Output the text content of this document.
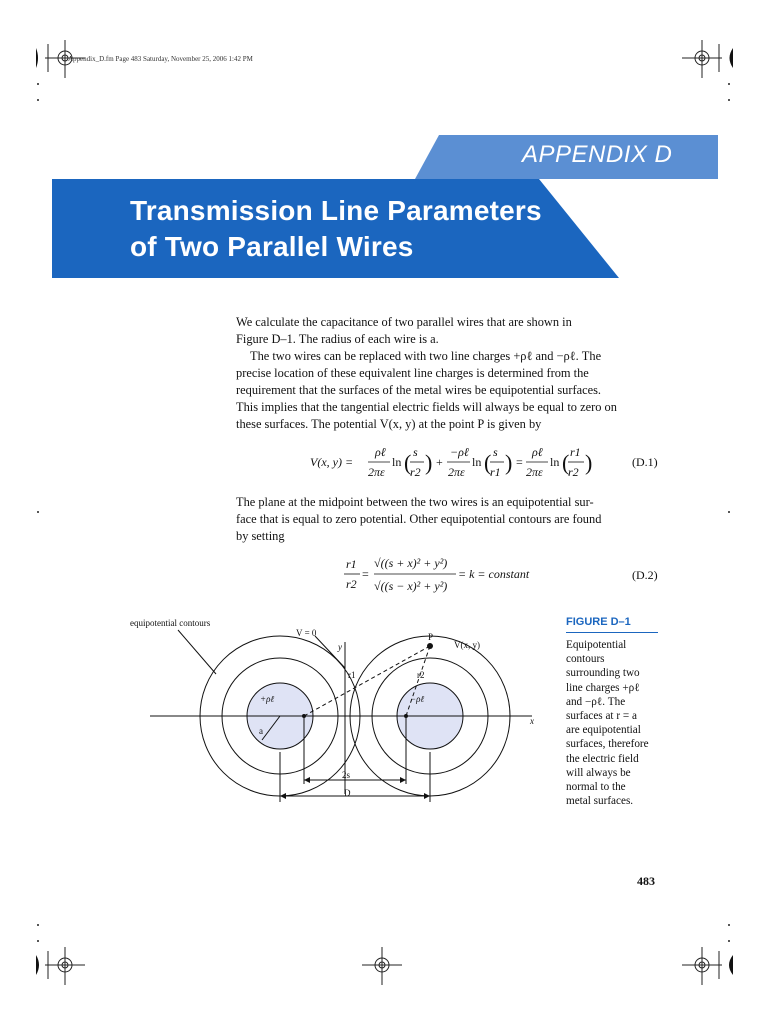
Appendix_D.fm Page 483 Saturday, November 25, 2006 1:42 PM
APPENDIX D
Transmission Line Parameters
of Two Parallel Wires
We calculate the capacitance of two parallel wires that are shown in
Figure D–1. The radius of each wire is a.
The two wires can be replaced with two line charges +ρℓ and −ρℓ. The
precise location of these equivalent line charges is determined from the
requirement that the surfaces of the metal wires be equipotential surfaces.
This implies that the tangential electric fields will always be equal to zero on
these surfaces. The potential V(x, y) at the point P is given by
V(x, y) =
ρℓ
2πε
ln ( s
r2 ) +
−ρℓ
2πε
ln ( s
r1 ) =
ρℓ
2πε
ln ( r1
r2 )	(D.1)
The plane at the midpoint between the two wires is an equipotential sur-
face that is equal to zero potential. Other equipotential contours are found
by setting
r1
r2
=
√((s + x)² + y²)
√((s − x)² + y²)
= k = constant	(D.2)
equipotential contours
V = 0
y
x
P
V(x, y)
r1	r2
+ρℓ	−ρℓ
a
2s
D
FIGURE D–1
Equipotential
contours
surrounding two
line charges +ρℓ
and −ρℓ. The
surfaces at r = a
are equipotential
surfaces, therefore
the electric field
will always be
normal to the
metal surfaces.
483
